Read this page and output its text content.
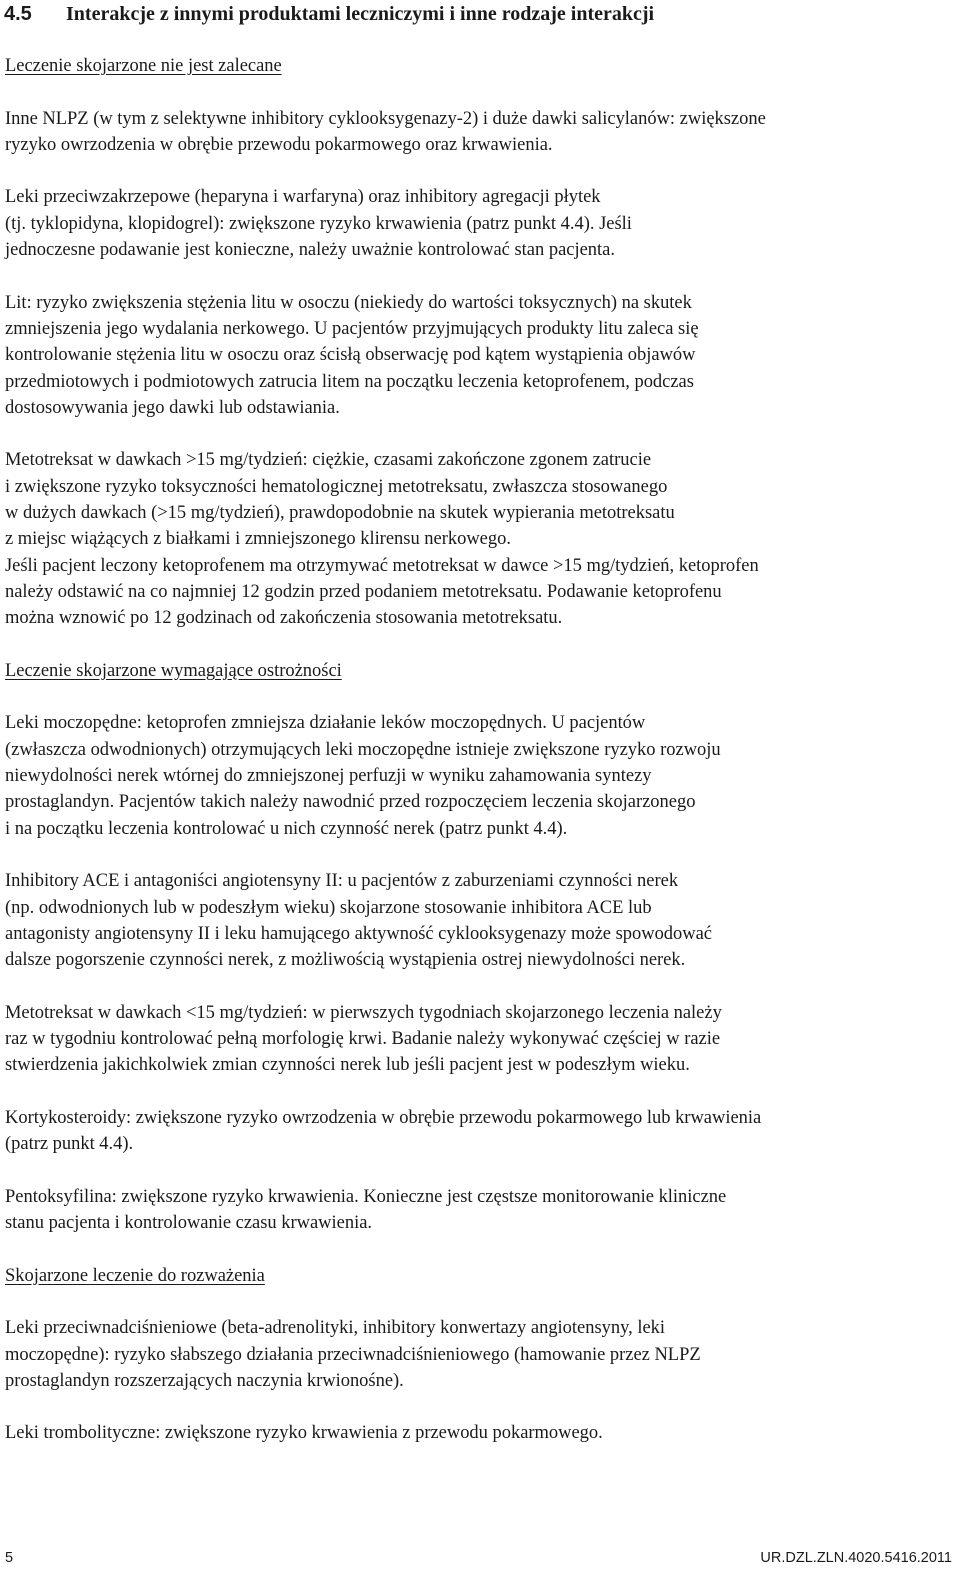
4.5 Interakcje z innymi produktami leczniczymi i inne rodzaje interakcji
Leczenie skojarzone nie jest zalecane
Inne NLPZ (w tym z selektywne inhibitory cyklooksygenazy-2) i duże dawki salicylanów: zwiększone
ryzyko owrzodzenia w obrębie przewodu pokarmowego oraz krwawienia.
Leki przeciwzakrzepowe (heparyna i warfaryna) oraz inhibitory agregacji płytek
(tj. tyklopidyna, klopidogrel): zwiększone ryzyko krwawienia (patrz punkt 4.4). Jeśli
jednoczesne podawanie jest konieczne, należy uważnie kontrolować stan pacjenta.
Lit: ryzyko zwiększenia stężenia litu w osoczu (niekiedy do wartości toksycznych) na skutek
zmniejszenia jego wydalania nerkowego. U pacjentów przyjmujących produkty litu zaleca się
kontrolowanie stężenia litu w osoczu oraz ścisłą obserwację pod kątem wystąpienia objawów
przedmiotowych i podmiotowych zatrucia litem na początku leczenia ketoprofenem, podczas
dostosowywania jego dawki lub odstawiania.
Metotreksat w dawkach >15 mg/tydzień: ciężkie, czasami zakończone zgonem zatrucie
i zwiększone ryzyko toksyczności hematologicznej metotreksatu, zwłaszcza stosowanego
w dużych dawkach (>15 mg/tydzień), prawdopodobnie na skutek wypierania metotreksatu
z miejsc wiążących z białkami i zmniejszonego klirensu nerkowego.
Jeśli pacjent leczony ketoprofenem ma otrzymywać metotreksat w dawce >15 mg/tydzień, ketoprofen
należy odstawić na co najmniej 12 godzin przed podaniem metotreksatu. Podawanie ketoprofenu
można wznowić po 12 godzinach od zakończenia stosowania metotreksatu.
Leczenie skojarzone wymagające ostrożności
Leki moczopędne: ketoprofen zmniejsza działanie leków moczopędnych. U pacjentów
(zwłaszcza odwodnionych) otrzymujących leki moczopędne istnieje zwiększone ryzyko rozwoju
niewydolności nerek wtórnej do zmniejszonej perfuzji w wyniku zahamowania syntezy
prostaglandyn. Pacjentów takich należy nawodnić przed rozpoczęciem leczenia skojarzonego
i na początku leczenia kontrolować u nich czynność nerek (patrz punkt 4.4).
Inhibitory ACE i antagoniści angiotensyny II: u pacjentów z zaburzeniami czynności nerek
(np. odwodnionych lub w podeszłym wieku) skojarzone stosowanie inhibitora ACE lub
antagonisty angiotensyny II i leku hamującego aktywność cyklooksygenazy może spowodować
dalsze pogorszenie czynności nerek, z możliwością wystąpienia ostrej niewydolności nerek.
Metotreksat w dawkach <15 mg/tydzień: w pierwszych tygodniach skojarzonego leczenia należy
raz w tygodniu kontrolować pełną morfologię krwi. Badanie należy wykonywać częściej w razie
stwierdzenia jakichkolwiek zmian czynności nerek lub jeśli pacjent jest w podeszłym wieku.
Kortykosteroidy: zwiększone ryzyko owrzodzenia w obrębie przewodu pokarmowego lub krwawienia
(patrz punkt 4.4).
Pentoksyfilina: zwiększone ryzyko krwawienia. Konieczne jest częstsze monitorowanie kliniczne
stanu pacjenta i kontrolowanie czasu krwawienia.
Skojarzone leczenie do rozważenia
Leki przeciwnadciśnieniowe (beta-adrenolityki, inhibitory konwertazy angiotensyny, leki
moczopędne): ryzyko słabszego działania przeciwnadciśnieniowego (hamowanie przez NLPZ
prostaglandyn rozszerzających naczynia krwionośne).
Leki trombolityczne: zwiększone ryzyko krwawienia z przewodu pokarmowego.
5	UR.DZL.ZLN.4020.5416.2011
